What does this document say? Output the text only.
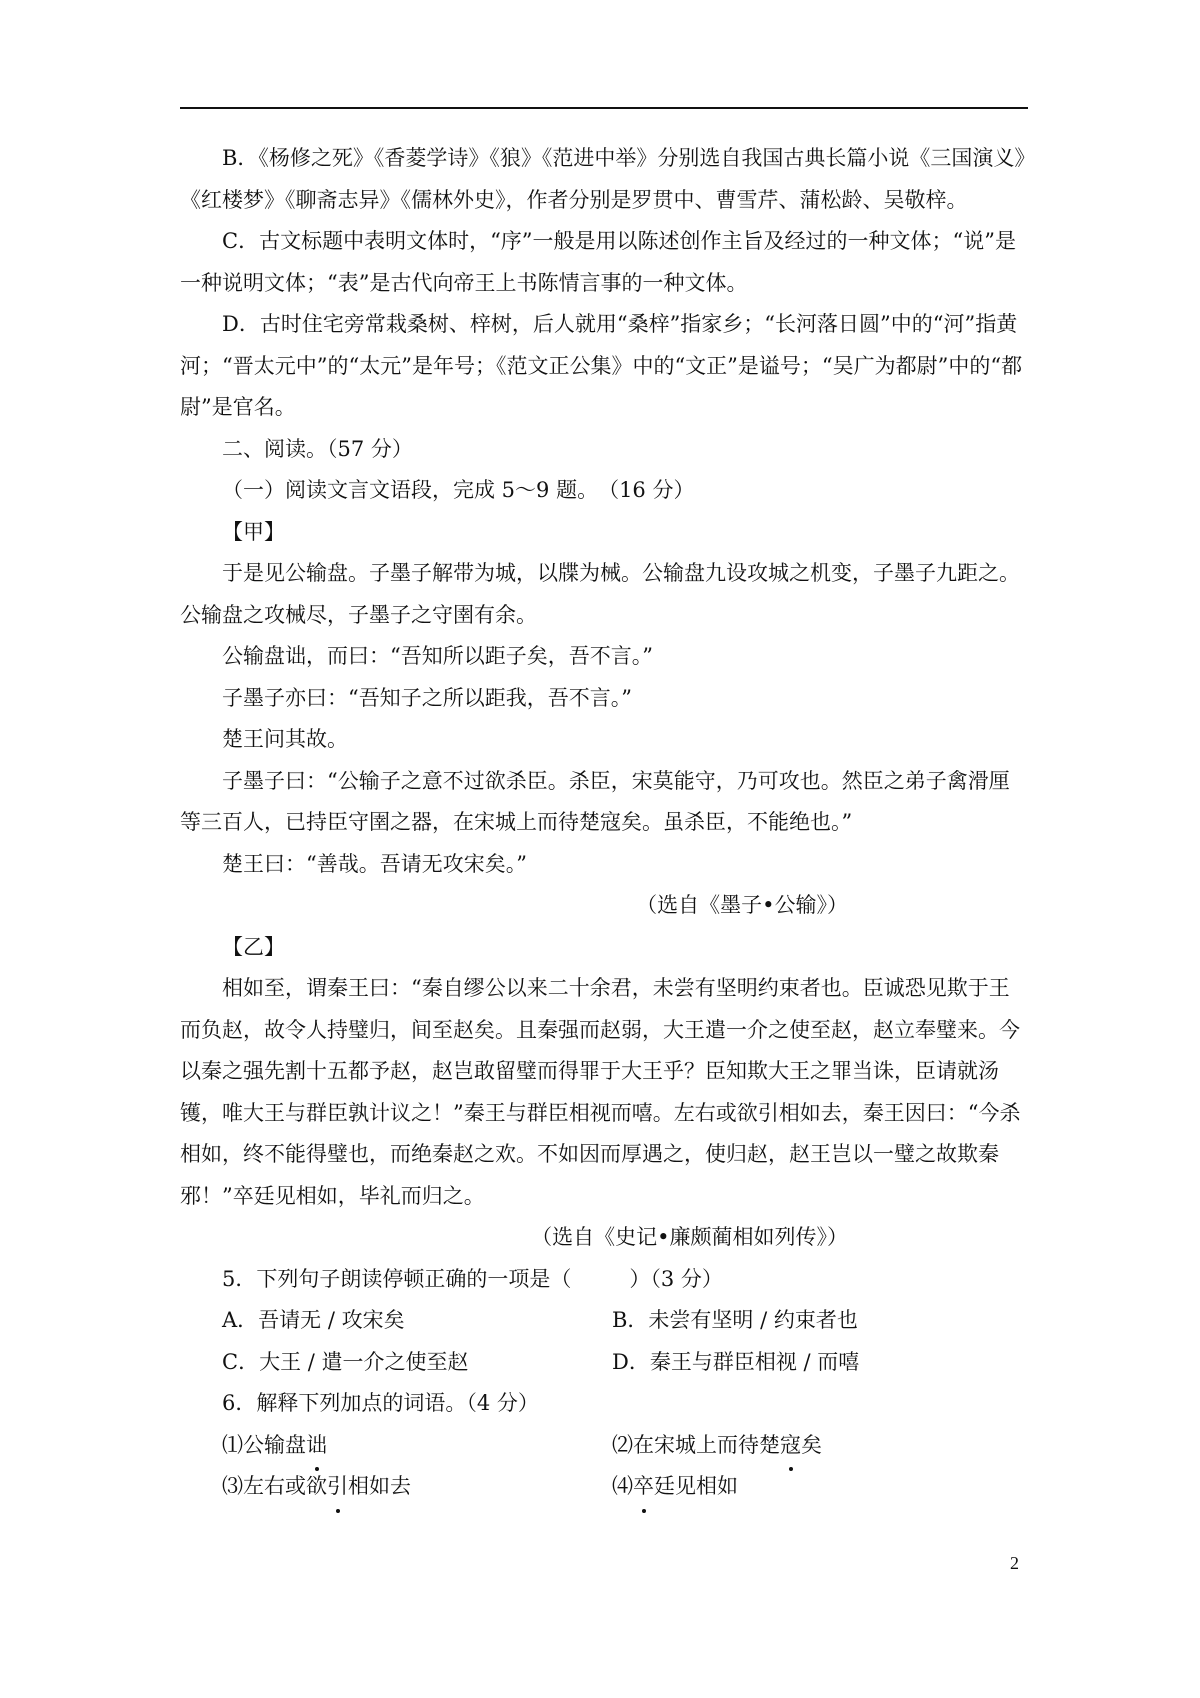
B．《杨修之死》《香菱学诗》《狼》《范进中举》分别选自我国古典长篇小说《三国演义》《红楼梦》《聊斋志异》《儒林外史》，作者分别是罗贯中、曹雪芹、蒲松龄、吴敬梓。

C．古文标题中表明文体时，“序”一般是用以陈述创作主旨及经过的一种文体；“说”是一种说明文体；“表”是古代向帝王上书陈情言事的一种文体。

D．古时住宅旁常栽桑树、梓树，后人就用“桑梓”指家乡；“长河落日圆”中的“河”指黄河；“晋太元中”的“太元”是年号；《范文正公集》中的“文正”是谥号；“吴广为都尉”中的“都尉”是官名。

二、阅读。（57 分）

（一）阅读文言文语段，完成 5～9 题。　（16 分）

【甲】

于是见公输盘。子墨子解带为城，以牒为械。公输盘九设攻城之机变，子墨子九距之。公输盘之攻械尽，子墨子之守圉有余。

公输盘诎，而曰：“吾知所以距子矣，吾不言。”

子墨子亦曰：“吾知子之所以距我，吾不言。”

楚王问其故。

子墨子曰：“公输子之意不过欲杀臣。杀臣，宋莫能守，乃可攻也。然臣之弟子禽滑厘等三百人，已持臣守圉之器，在宋城上而待楚寇矣。虽杀臣，不能绝也。”

楚王曰：“善哉。吾请无攻宋矣。”

（选自《墨子•公输》）

【乙】

相如至，谓秦王曰：“秦自缪公以来二十余君，未尝有坚明约束者也。臣诚恐见欺于王而负赵，故令人持璧归，间至赵矣。且秦强而赵弱，大王遣一介之使至赵，赵立奉璧来。今以秦之强先割十五都予赵，赵岂敢留璧而得罪于大王乎？臣知欺大王之罪当诛，臣请就汤镬，唯大王与群臣孰计议之！”秦王与群臣相视而嘻。左右或欲引相如去，秦王因曰：“今杀相如，终不能得璧也，而绝秦赵之欢。不如因而厚遇之，使归赵，赵王岂以一璧之故欺秦邪！”卒廷见相如，毕礼而归之。

（选自《史记•廉颇蔺相如列传》）

5．下列句子朗读停顿正确的一项是（	）（3 分）

A．吾请无 / 攻宋矣	B．未尝有坚明 / 约束者也
C．大王 / 遣一介之使至赵	D．秦王与群臣相视 / 而嘻

6．解释下列加点的词语。（4 分）

⑴公输盘诎	⑵在宋城上而待楚寇矣
⑶左右或欲引相如去	⑷卒廷见相如
2
